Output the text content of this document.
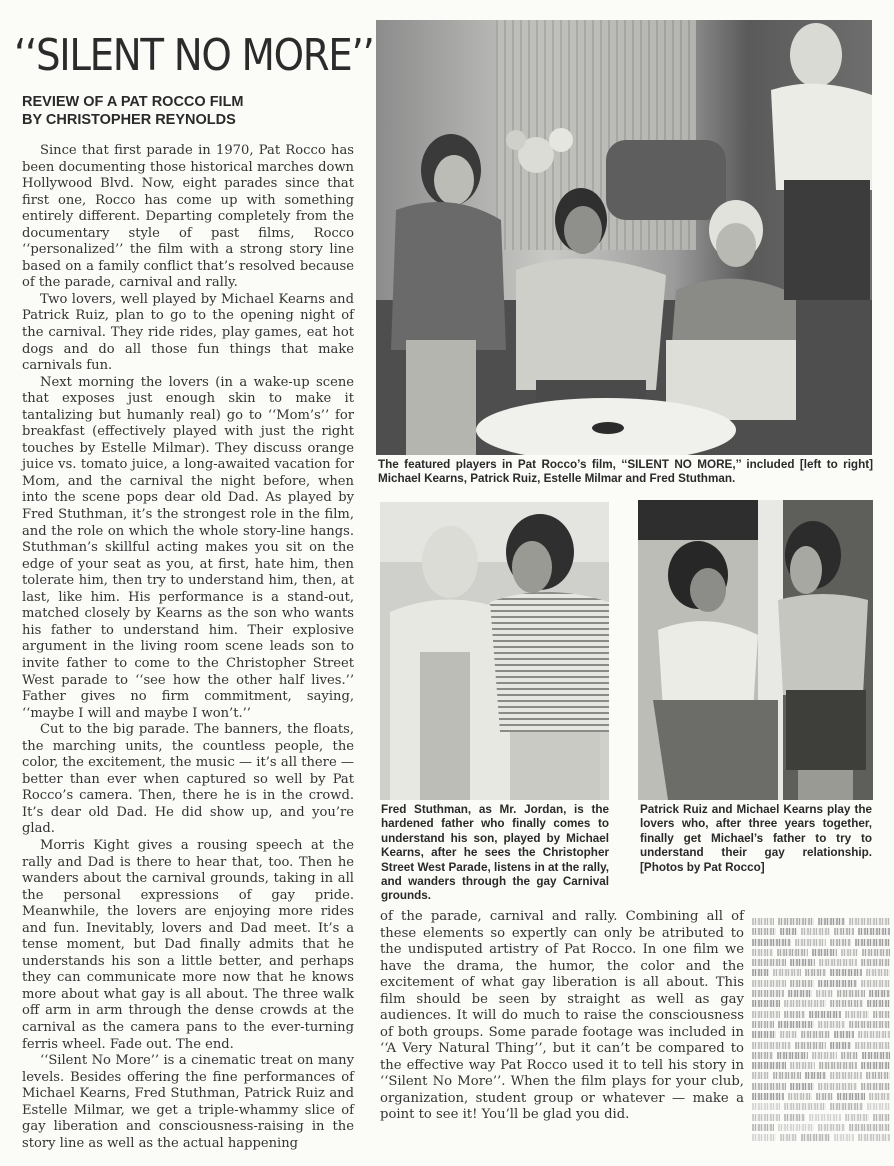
‘‘SILENT NO MORE’’
REVIEW OF A PAT ROCCO FILM
BY CHRISTOPHER REYNOLDS

Since that first parade in 1970, Pat Rocco has been documenting those historical marches down Hollywood Blvd. Now, eight parades since that first one, Rocco has come up with something entirely different. Departing completely from the documentary style of past films, Rocco ‘‘personalized’’ the film with a strong story line based on a family conflict that’s resolved because of the parade, carnival and rally.

Two lovers, well played by Michael Kearns and Patrick Ruiz, plan to go to the opening night of the carnival. They ride rides, play games, eat hot dogs and do all those fun things that make carnivals fun.

Next morning the lovers (in a wake-up scene that exposes just enough skin to make it tantalizing but humanly real) go to ‘‘Mom’s’’ for breakfast (effectively played with just the right touches by Estelle Milmar). They discuss orange juice vs. tomato juice, a long-awaited vacation for Mom, and the carnival the night before, when into the scene pops dear old Dad. As played by Fred Stuthman, it’s the strongest role in the film, and the role on which the whole story-line hangs. Stuthman’s skillful acting makes you sit on the edge of your seat as you, at first, hate him, then tolerate him, then try to understand him, then, at last, like him. His performance is a stand-out, matched closely by Kearns as the son who wants his father to understand him. Their explosive argument in the living room scene leads son to invite father to come to the Christopher Street West parade to ‘‘see how the other half lives.’’ Father gives no firm commitment, saying, ‘‘maybe I will and maybe I won’t.’’

Cut to the big parade. The banners, the floats, the marching units, the countless people, the color, the excitement, the music — it’s all there — better than ever when captured so well by Pat Rocco’s camera. Then, there he is in the crowd. It’s dear old Dad. He did show up, and you’re glad.

Morris Kight gives a rousing speech at the rally and Dad is there to hear that, too. Then he wanders about the carnival grounds, taking in all the personal expressions of gay pride. Meanwhile, the lovers are enjoying more rides and fun. Inevitably, lovers and Dad meet. It’s a tense moment, but Dad finally admits that he understands his son a little better, and perhaps they can communicate more now that he knows more about what gay is all about. The three walk off arm in arm through the dense crowds at the carnival as the camera pans to the ever-turning ferris wheel. Fade out. The end.

‘‘Silent No More’’ is a cinematic treat on many levels. Besides offering the fine performances of Michael Kearns, Fred Stuthman, Patrick Ruiz and Estelle Milmar, we get a triple-whammy slice of gay liberation and consciousness-raising in the story line as well as the actual happening

The featured players in Pat Rocco’s film, ‘‘SILENT NO MORE,’’ included [left to right] Michael Kearns, Patrick Ruiz, Estelle Milmar and Fred Stuthman.
Fred Stuthman, as Mr. Jordan, is the hardened father who finally comes to understand his son, played by Michael Kearns, after he sees the Christopher Street West Parade, listens in at the rally, and wanders through the gay Carnival grounds.
Patrick Ruiz and Michael Kearns play the lovers who, after three years together, finally get Michael’s father to try to understand their gay relationship. [Photos by Pat Rocco]

of the parade, carnival and rally. Combining all of these elements so expertly can only be atributed to the undisputed artistry of Pat Rocco. In one film we have the drama, the humor, the color and the excitement of what gay liberation is all about. This film should be seen by straight as well as gay audiences. It will do much to raise the consciousness of both groups. Some parade footage was included in ‘‘A Very Natural Thing’’, but it can’t be compared to the effective way Pat Rocco used it to tell his story in ‘‘Silent No More’’. When the film plays for your club, organization, student group or whatever — make a point to see it! You’ll be glad you did.
